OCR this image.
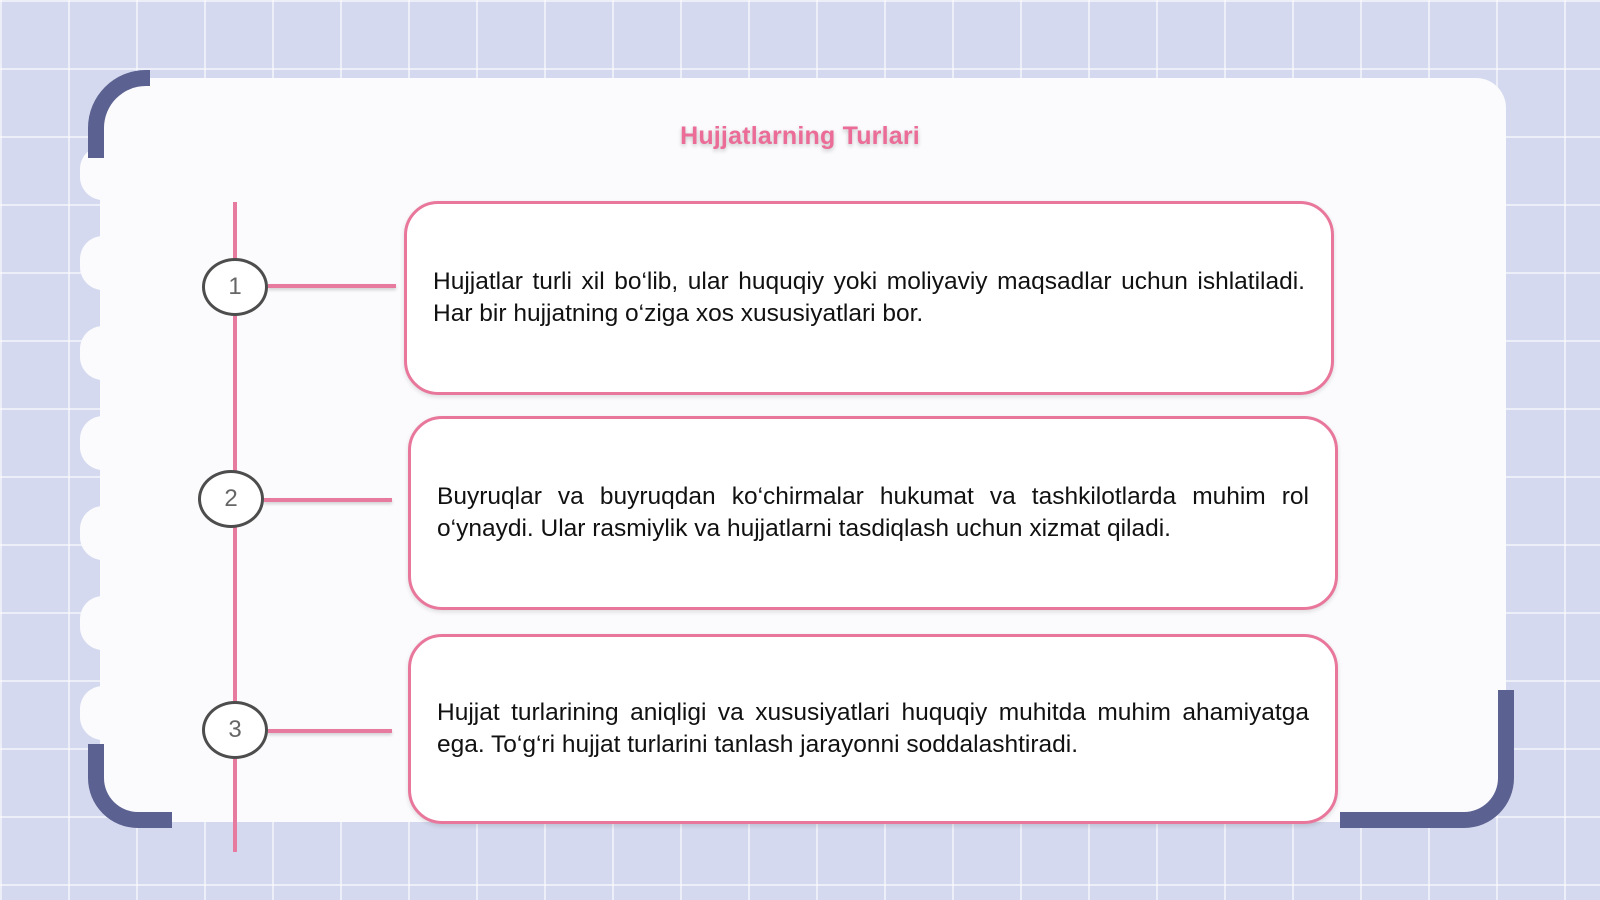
Hujjatlarning Turlari
1	Hujjatlar turli xil bo‘lib, ular huquqiy yoki moliyaviy maqsadlar uchun ishlatiladi. Har bir hujjatning o‘ziga xos xususiyatlari bor.
2	Buyruqlar va buyruqdan ko‘chirmalar hukumat va tashkilotlarda muhim rol o‘ynaydi. Ular rasmiylik va hujjatlarni tasdiqlash uchun xizmat qiladi.
3
Hujjat turlarining aniqligi va xususiyatlari huquqiy muhitda muhim ahamiyatga ega. To‘g‘ri hujjat turlarini tanlash jarayonni soddalashtiradi.
